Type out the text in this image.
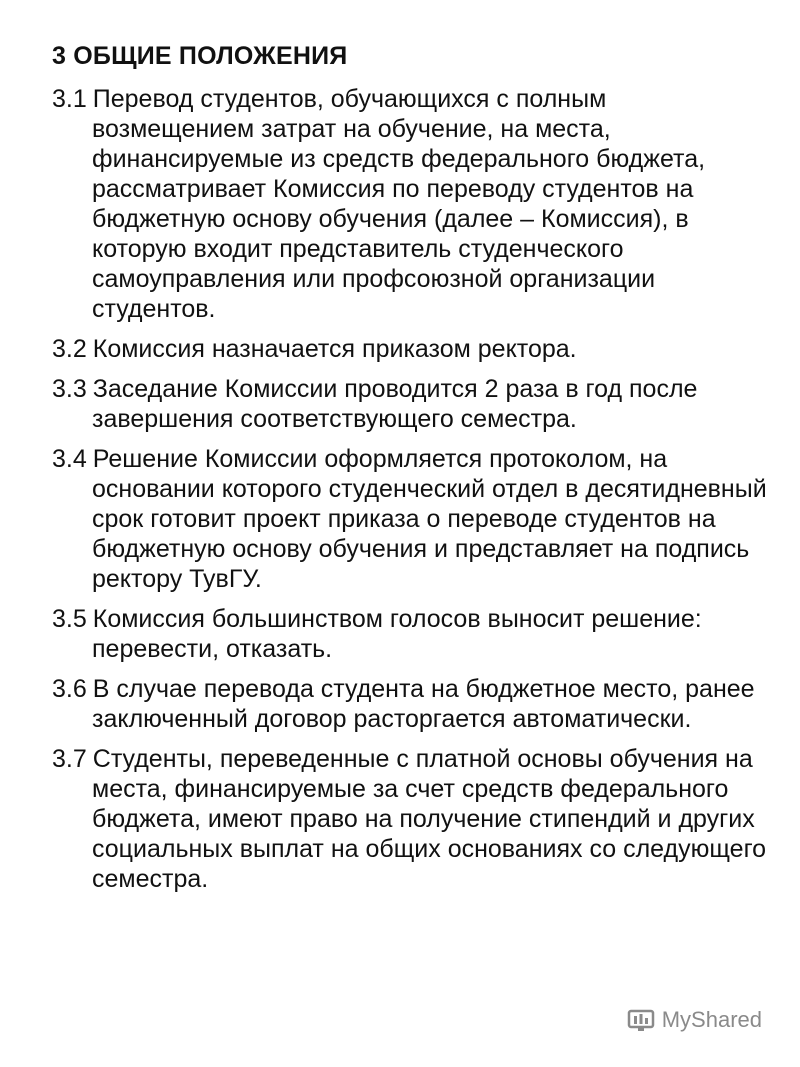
3 ОБЩИЕ ПОЛОЖЕНИЯ
3.1 Перевод студентов, обучающихся с полным возмещением затрат на обучение, на места, финансируемые из средств федерального бюджета, рассматривает Комиссия по переводу студентов на бюджетную основу обучения (далее – Комиссия), в которую входит представитель студенческого самоуправления или профсоюзной организации студентов.
3.2 Комиссия назначается приказом ректора.
3.3 Заседание Комиссии проводится 2 раза в год после завершения соответствующего семестра.
3.4 Решение Комиссии оформляется протоколом, на основании которого студенческий отдел в десятидневный срок готовит проект приказа о переводе студентов на бюджетную основу обучения и представляет на подпись ректору ТувГУ.
3.5 Комиссия большинством голосов выносит решение: перевести, отказать.
3.6 В случае перевода студента на бюджетное место, ранее заключенный договор расторгается автоматически.
3.7 Студенты, переведенные с платной основы обучения на места, финансируемые за счет средств федерального бюджета, имеют право на получение стипендий и других социальных выплат на общих основаниях со следующего семестра.
MyShared
